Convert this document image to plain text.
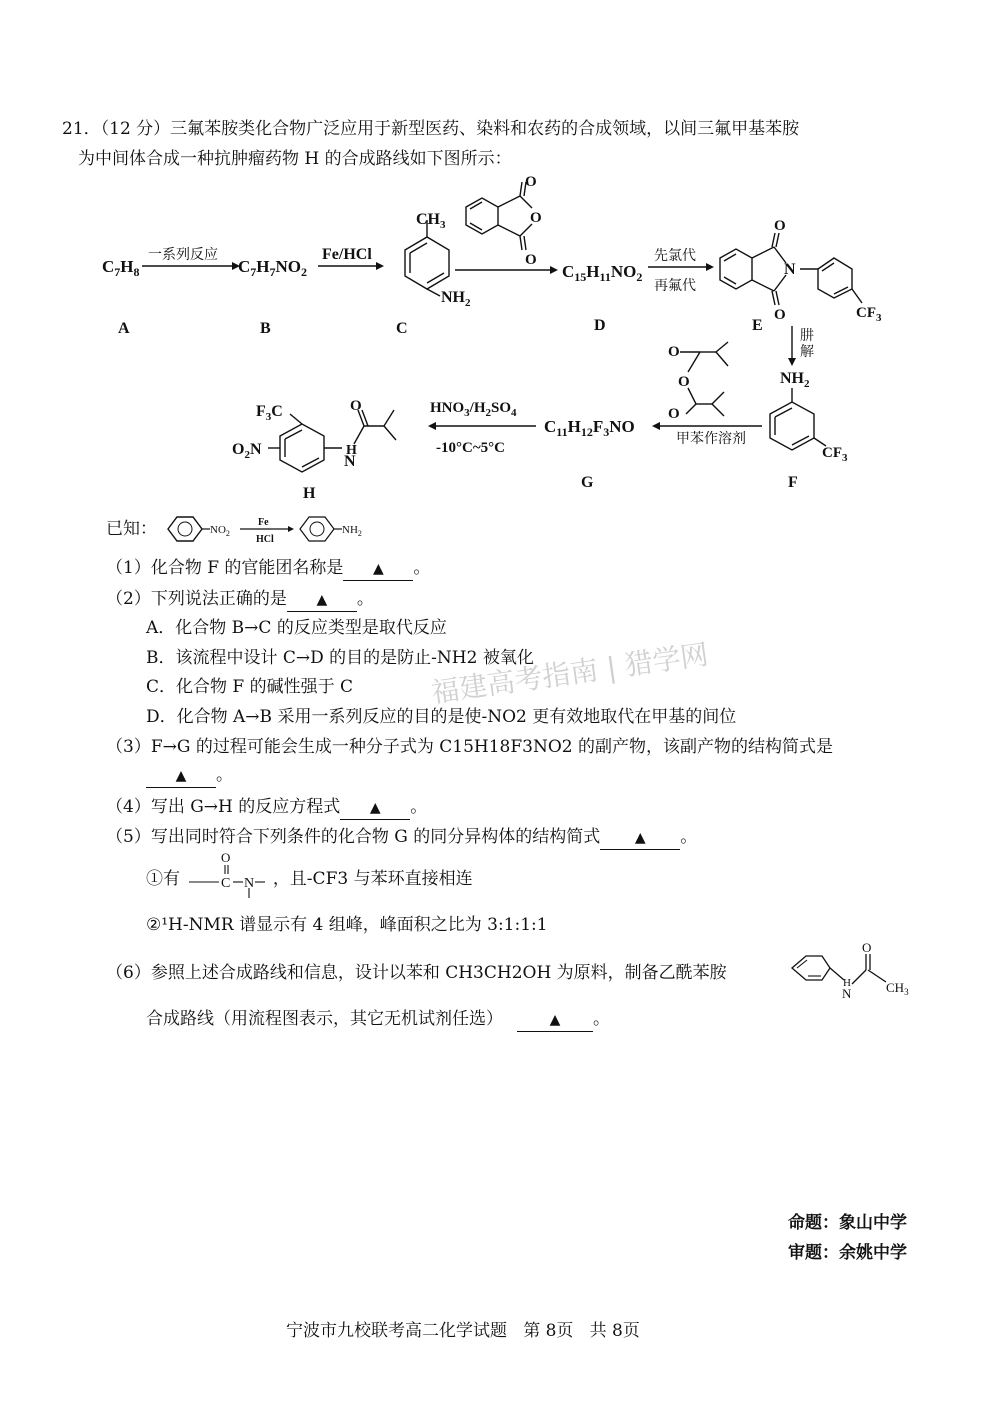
21．（12 分）三氟苯胺类化合物广泛应用于新型医药、染料和农药的合成领域，以间三氟甲基苯胺
为中间体合成一种抗肿瘤药物 H 的合成路线如下图所示：
$C_7H_8$
一系列反应
$C_7H_7NO_2$
Fe/HCl
$CH_3$
$NH_2$
O
O
O
$C_{15}H_{11}NO_2$
先氯代
再氟代
O
O
N
$CF_3$
肼
解
$NH_2$
$CF_3$
O
O
O
甲苯作溶剂
$C_{11}H_{12}F_3NO$
$HNO_3/H_2SO_4$
-10°C~5°C
$F_3C$
$O_2N$
N
H
O
A	B	C	D	E
F
G
H
已知：	$NO_2$
Fe
HCl
$NH_2$
福建高考指南 | 猎学网
（1）化合物 F 的官能团名称是 ▲ 。
（2）下列说法正确的是 ▲ 。
A．化合物 B→C 的反应类型是取代反应
B．该流程中设计 C→D 的目的是防止-NH2 被氧化
C．化合物 F 的碱性强于 C
D．化合物 A→B 采用一系列反应的目的是使-NO2 更有效地取代在甲基的间位
（3）F→G 的过程可能会生成一种分子式为 C15H18F3NO2 的副产物，该副产物的结构简式是
▲ 。
（4）写出 G→H 的反应方程式 ▲ 。
（5）写出同时符合下列条件的化合物 G 的同分异构体的结构简式 ▲ 。
①有
O
C N ，且-CF3 与苯环直接相连
②¹H-NMR 谱显示有 4 组峰，峰面积之比为 3:1:1:1
（6）参照上述合成路线和信息，设计以苯和 CH3CH2OH 为原料，制备乙酰苯胺
N
H
O
$CH_3$
合成路线（用流程图表示，其它无机试剂任选）	▲ 。
命题：象山中学
审题：余姚中学
宁波市九校联考高二化学试题   第 8页   共 8页
